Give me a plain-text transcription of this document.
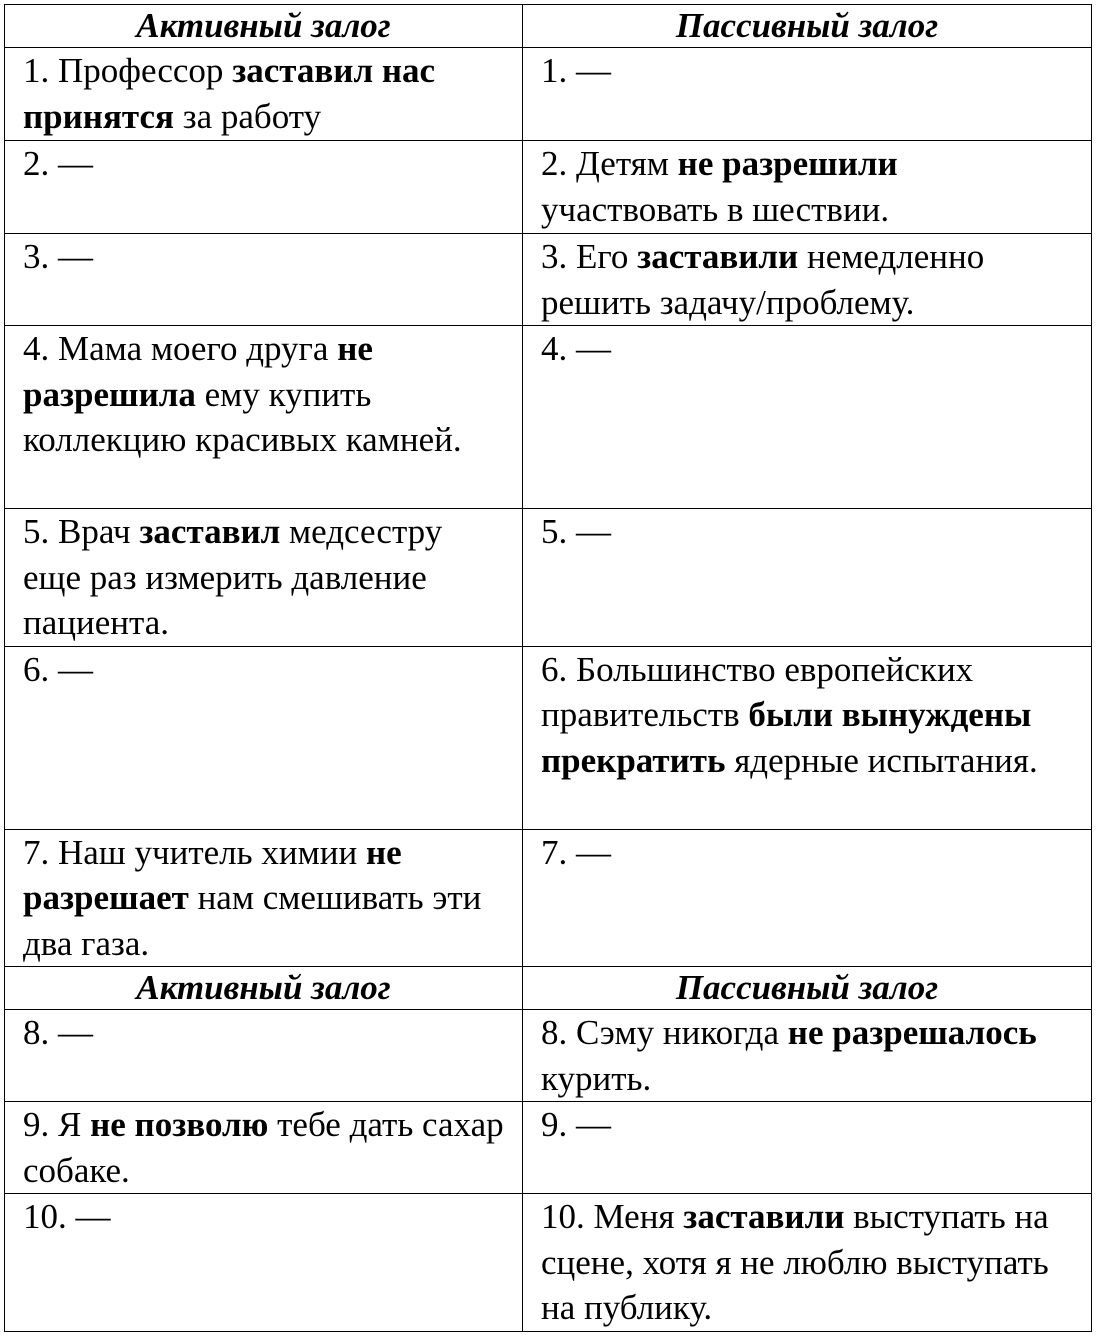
Активный залог	Пассивный залог
1. Профессор заставил нас принятся за работу	1. —
2. —	2. Детям не разрешили участвовать в шествии.
3. —	3. Его заставили немедленно решить задачу/проблему.
4. Мама моего друга не разрешила ему купить коллекцию красивых камней.	4. —
5. Врач заставил медсестру еще раз измерить давление пациента.	5. —
6. —	6. Большинство европейских правительств были вынуждены прекратить ядерные испытания.
7. Наш учитель химии не разрешает нам смешивать эти два газа.	7. —
Активный залог	Пассивный залог
8. —	8. Сэму никогда не разрешалось курить.
9. Я не позволю тебе дать сахар собаке.	9. —
10. —	10. Меня заставили выступать на сцене, хотя я не люблю выступать на публику.
